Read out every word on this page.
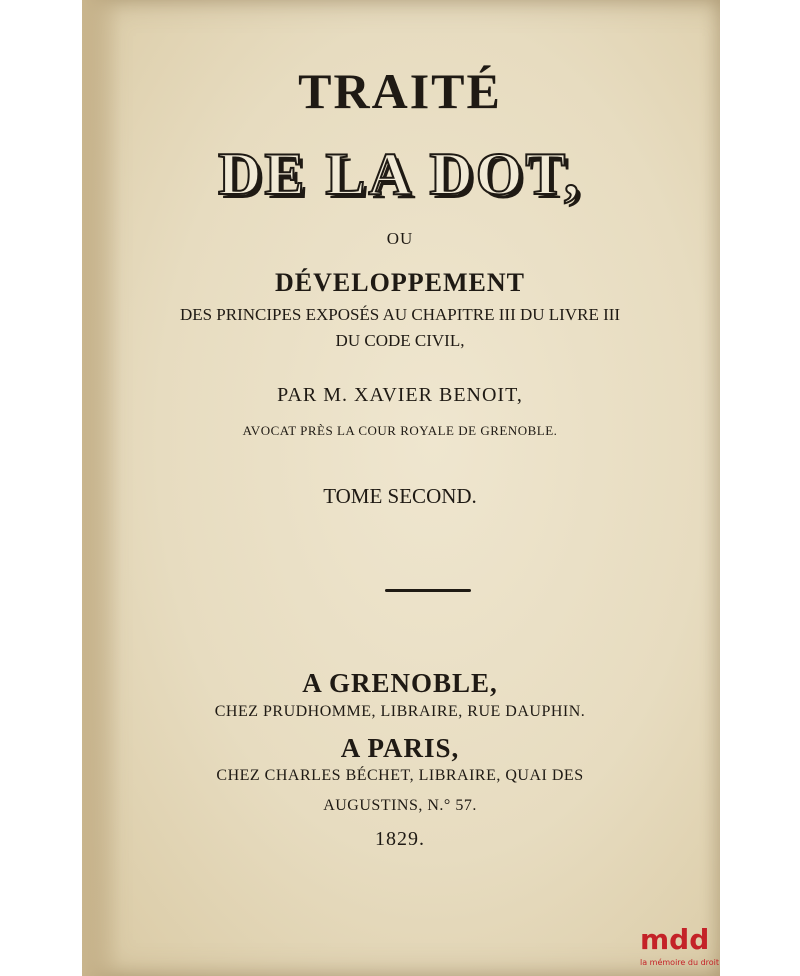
TRAITÉ
DE LA DOT,
OU
DÉVELOPPEMENT
DES PRINCIPES EXPOSÉS AU CHAPITRE III DU LIVRE III
DU CODE CIVIL,
PAR M. XAVIER BENOIT,
AVOCAT PRÈS LA COUR ROYALE DE GRENOBLE.
TOME SECOND.
A GRENOBLE,
CHEZ PRUDHOMME, LIBRAIRE, RUE DAUPHIN.
A PARIS,
CHEZ CHARLES BÉCHET, LIBRAIRE, QUAI DES
AUGUSTINS, N.° 57.
1829.
mdd
la mémoire du droit
